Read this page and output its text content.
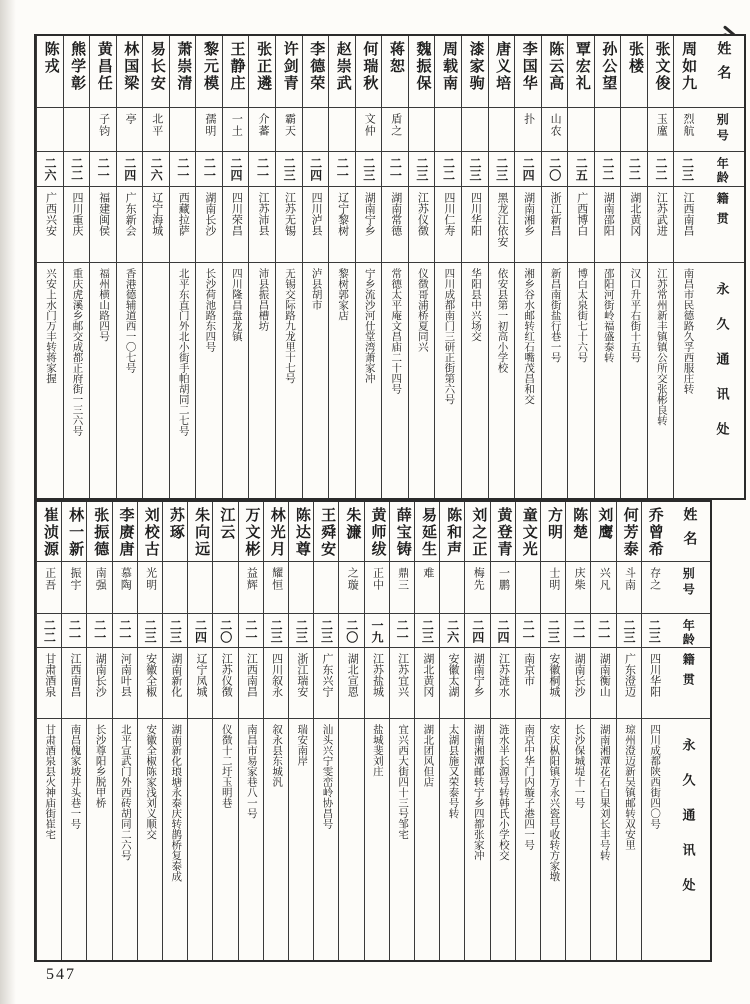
姓名
别号
年龄
籍贯
永久通讯处
周如九
烈航
二三
江西南昌
南昌市民德路久孚西服庄转
张文俊
玉廑
二二
江苏武进
江苏常州新丰镇镇公所交张彬良转
张楼
二二
湖北黄冈
汉口升平右街十五号
孙公望
二二
湖南邵阳
邵阳河街岭福盛泰转
覃宏礼
二五
广西博白
博白太泉街七十六号
陈云高
山农
二〇
浙江新昌
新昌南街盐行巷一号
李国华
扑
二四
湖南湘乡
湘乡谷水邮转红石嘴茂昌和交
唐义培
二三
黑龙江依安
依安县第一初高小学校
漆家驹
二三
四川华阳
华阳县中兴场交
周载南
二二
四川仁寿
四川成都南门三研正街第六号
魏振保
二三
江苏仪徴
仪徴哥浦桥夏同兴
蒋恕
盾之
二一
湖南常德
常德太平庵文昌庙二十四号
何瑞秋
文仲
二三
湖南宁乡
宁乡流沙河仕堂湾萧家冲
赵崇武
二一
辽宁黎树
黎树郭家店
李德荣
二四
四川泸县
泸县胡市
许剑青
霸天
二三
江苏无锡
无锡交际路九龙里十七号
张正遴
介蕃
二一
江苏沛县
沛县振昌槽坊
王静庄
一土
二四
四川荣昌
四川隆昌盘龙镇
黎元模
孺明
二一
湖南长沙
长沙荷池路东四号
萧崇清
二一
西藏拉萨
北平东直门外北小街手帕胡同二七号
易长安
北平
二六
辽宁海城
林国梁
亭
二四
广东新会
香港德辅道西一〇七号
黄昌任
子钧
二一
福建闽侯
福州横山路四号
熊学彰
二二
四川重庆
重庆虎溪乡邮交成都正府街一三六号
陈戎
二六
广西兴安
兴安上水门万丰转蒋家握
姓名
别号
年龄
籍贯
永久通讯处
乔曾希
存之
二三
四川华阳
四川成都陕西街四〇号
何芳泰
斗南
二三
广东澄迈
琼州澄迈新吴镇邮转双安里
刘鹰
兴凡
二一
湖南衡山
湖南湘潭花石白果刘长丰号转
陈楚
庆柴
二一
湖南长沙
长沙保城堤十一号
方明
士明
二三
安徽桐城
安庆枞阳镇方永兴瓷号收转方家墩
童文光
二一
南京市
南京中华门内璇子港四一号
黄登青
一鹏
二四
江苏涟水
涟水半长源号转韩氏小学校交
刘之正
梅先
二四
湖南宁乡
湖南湘潭邮转宁乡四都张家冲
陈和声
二六
安徽太湖
太湖县施又荣泰号转
易延生
难
二三
湖北黄冈
湖北团风但店
薛宝铸
鼎三
二一
江苏宜兴
宜兴西大街四十三号邹宅
黄师绂
正中
一九
江苏盐城
盐城斐刘庄
朱濂
之璇
二〇
湖北宣恩
王舜安
二三
广东兴宁
汕头兴宁雯峦岭协昌号
陈达尊
二三
浙江瑞安
瑞安南岸
林光月
耀恒
二三
四川叙永
叙永县东城汎
万文彬
益辉
二一
江西南昌
南昌市易家巷八一号
江云
二〇
江苏仪徴
仪徴十二圩玉明巷
朱向远
二四
辽宁凤城
苏琢
二三
湖南新化
湖南新化琅塘永泰庆转鹊桥复泰成
刘校古
光明
二三
安徽全椒
安徽全椒陈家浅刘义顺交
李赓唐
慕陶
二一
河南叶县
北平宣武门外西砖胡同二六号
张振德
南强
二一
湖南长沙
长沙尊阳乡脱甲桥
林一新
振宇
二一
江西南昌
南昌傀家坡井头巷一号
崔浈源
正吾
二二
甘肃酒泉
甘肃酒泉县火神庙街崔宅
547
